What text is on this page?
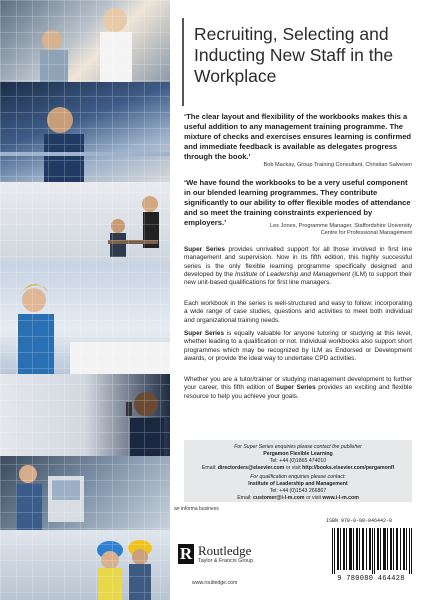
Recruiting, Selecting and Inducting New Staff in the Workplace
‘The clear layout and flexibility of the workbooks makes this a useful addition to any management training programme. The mixture of checks and exercises ensures learning is confirmed and immediate feedback is available as delegates progress through the book.’
Bob Mackay, Group Training Consultant, Christian Salvesen
‘We have found the workbooks to be a very useful component in our blended learning programmes. They contribute significantly to our ability to offer flexible modes of attendance and so meet the training constraints experienced by employers.’	Les Jones, Programme Manager, Staffordshire University
Centre for Professional Management
Super Series provides unrivalled support for all those involved in first line management and supervision. Now in its fifth edition, this highly successful series is the only flexible learning programme specifically designed and developed by the Institute of Leadership and Management (ILM) to support their new unit-based qualifications for first line managers.
Each workbook in the series is well-structured and easy to follow; incorporating a wide range of case studies, questions and activities to meet both individual and organizational training needs.
Super Series is equally valuable for anyone tutoring or studying at this level, whether leading to a qualification or not. Individual workbooks also support short programmes which may be recognized by ILM as Endorsed or Development awards, or provide the ideal way to undertake CPD activities.
Whether you are a tutor/trainer or studying management development to further your career, this fifth edition of Super Series provides an exciting and flexible resource to help you achieve your goals.
For Super Series enquiries please contact the publisher
Pergamon Flexible Learning
Tel: +44 (0)1865 474010
Email: directorders@elsevier.com or visit http://books.elsevier.com/pergamonfl
For qualification enquiries please contact:
Institute of Leadership and Management
Tel: +44 (0)1543 266867
Email: customer@i-l-m.com or visit www.i-l-m.com
an informa business
R Routledge
Taylor & Francis Group
www.routledge.com
ISBN 978-0-08-046442-8
9 780080 464428
